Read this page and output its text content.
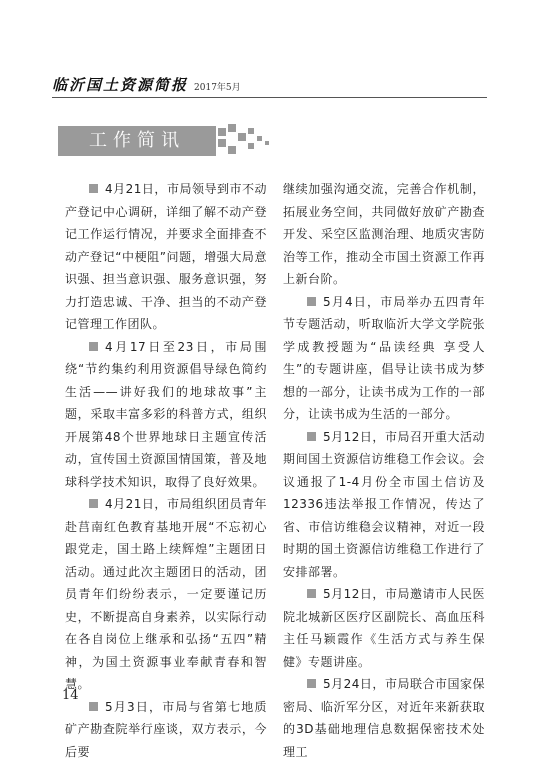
临沂国土资源简报 2017年5月
工作简讯

4月21日，市局领导到市不动产登记中心调研，详细了解不动产登记工作运行情况，并要求全面排查不动产登记“中梗阻”问题，增强大局意识强、担当意识强、服务意识强，努力打造忠诚、干净、担当的不动产登记管理工作团队。

4月17日至23日，市局围绕“节约集约利用资源倡导绿色简约生活——讲好我们的地球故事”主题，采取丰富多彩的科普方式，组织开展第48个世界地球日主题宣传活动，宣传国土资源国情国策，普及地球科学技术知识，取得了良好效果。

4月21日，市局组织团员青年赴莒南红色教育基地开展“不忘初心跟党走，国土路上续辉煌”主题团日活动。通过此次主题团日的活动，团员青年们纷纷表示，一定要谨记历史，不断提高自身素养，以实际行动在各自岗位上继承和弘扬“五四”精神，为国土资源事业奉献青春和智慧。

5月3日，市局与省第七地质矿产勘查院举行座谈，双方表示，今后要

继续加强沟通交流，完善合作机制，拓展业务空间，共同做好放矿产勘查开发、采空区监测治理、地质灾害防治等工作，推动全市国土资源工作再上新台阶。

5月4日，市局举办五四青年节专题活动，听取临沂大学文学院张学成教授题为“品读经典 享受人生”的专题讲座，倡导让读书成为梦想的一部分，让读书成为工作的一部分，让读书成为生活的一部分。

5月12日，市局召开重大活动期间国土资源信访维稳工作会议。会议通报了1-4月份全市国土信访及12336违法举报工作情况，传达了省、市信访维稳会议精神，对近一段时期的国土资源信访维稳工作进行了安排部署。

5月12日，市局邀请市人民医院北城新区医疗区副院长、高血压科主任马颖霞作《生活方式与养生保健》专题讲座。

5月24日，市局联合市国家保密局、临沂军分区，对近年来新获取的3D基础地理信息数据保密技术处理工

14
